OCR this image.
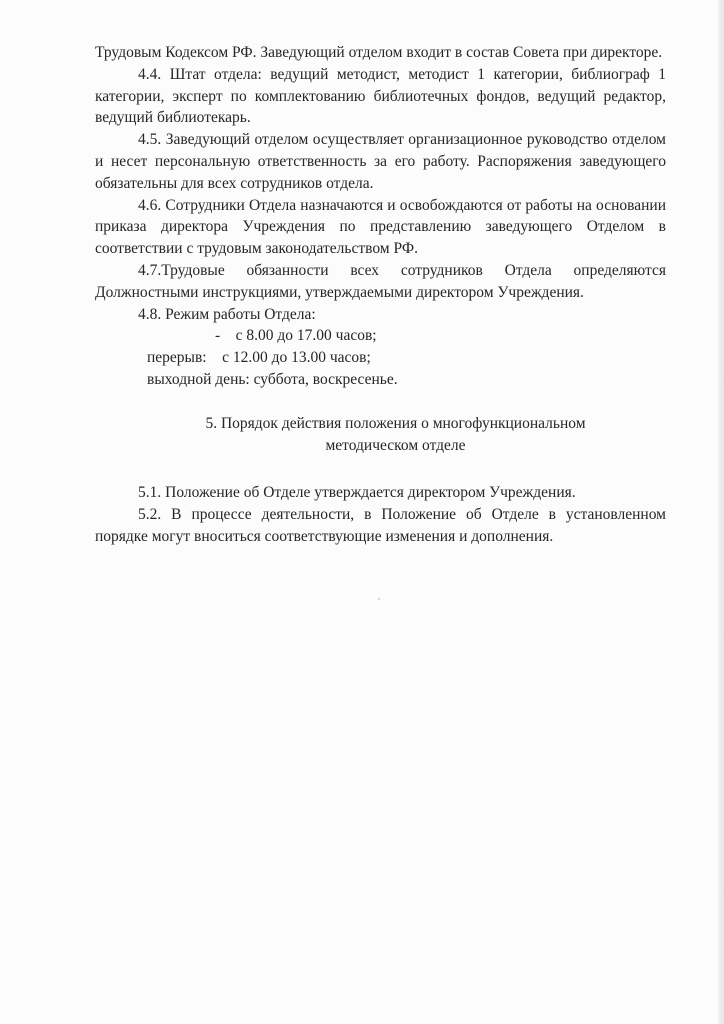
Трудовым Кодексом РФ. Заведующий отделом входит в состав Совета при директоре.

4.4. Штат отдела: ведущий методист, методист 1 категории, библиограф 1 категории, эксперт по комплектованию библиотечных фондов, ведущий редактор, ведущий библиотекарь.

4.5. Заведующий отделом осуществляет организационное руководство отделом и несет персональную ответственность за его работу. Распоряжения заведующего обязательны для всех сотрудников отдела.

4.6. Сотрудники Отдела назначаются и освобождаются от работы на основании приказа директора Учреждения по представлению заведующего Отделом в соответствии с трудовым законодательством РФ.

4.7.Трудовые обязанности всех сотрудников Отдела определяются Должностными инструкциями, утверждаемыми директором Учреждения.

4.8. Режим работы Отдела:

-    с 8.00 до 17.00 часов;

перерыв:    с 12.00 до 13.00 часов;

выходной день: суббота, воскресенье.

5. Порядок действия положения о многофункциональном

методическом отделе

5.1. Положение об Отделе утверждается директором Учреждения.

5.2. В процессе деятельности, в Положение об Отделе в установленном порядке могут вноситься соответствующие изменения и дополнения.
